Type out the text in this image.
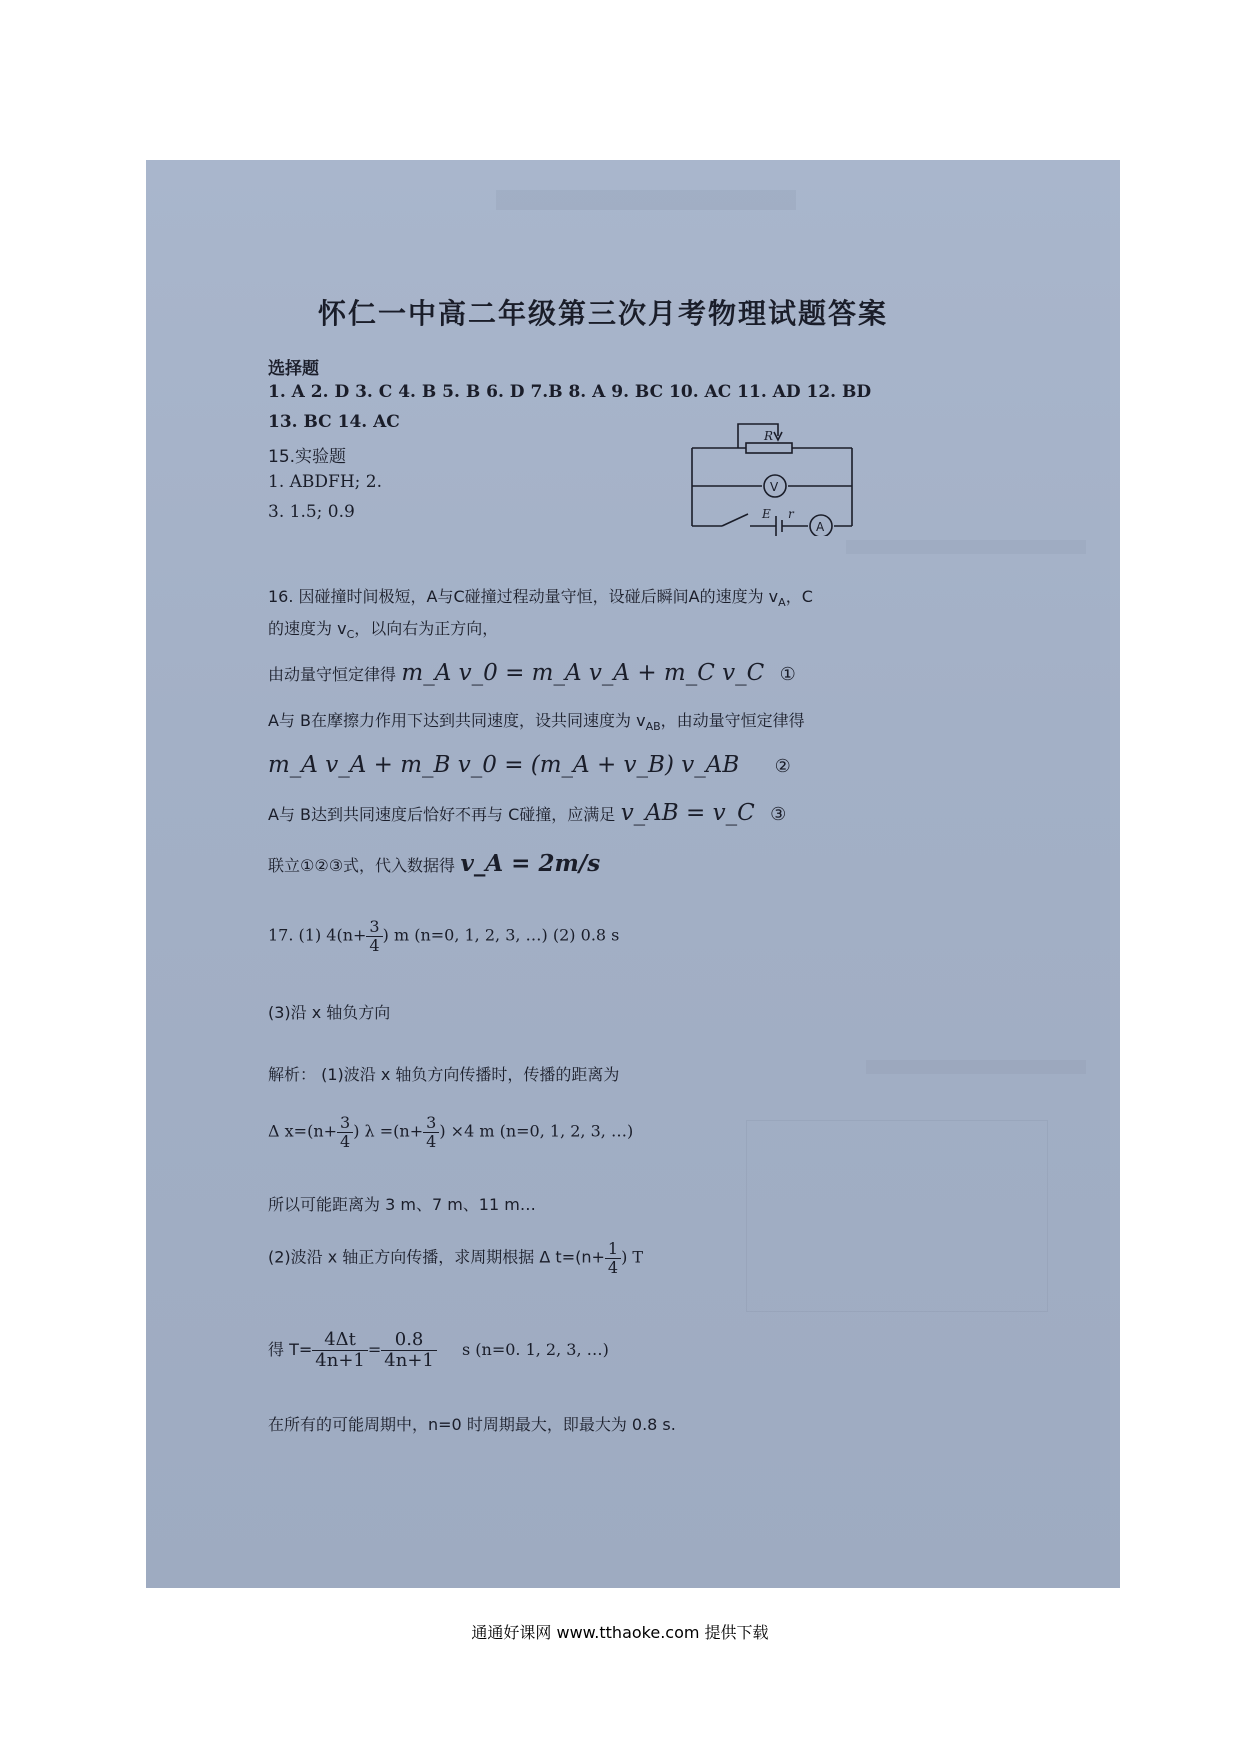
怀仁一中高二年级第三次月考物理试题答案
选择题
1. A 2. D 3. C 4. B 5. B 6. D 7.B 8. A 9. BC 10. AC 11. AD 12. BD
13. BC 14. AC
15.实验题
1. ABDFH; 2.
3. 1.5; 0.9
R
V
E r
A
16. 因碰撞时间极短，A与C碰撞过程动量守恒，设碰后瞬间A的速度为 $v_A$，C
的速度为 $v_C$，以向右为正方向，
由动量守恒定律得 m_A v_0 = m_A v_A + m_C v_C ①
A与 B在摩擦力作用下达到共同速度，设共同速度为 $v_{AB}$，由动量守恒定律得
m_A v_A + m_B v_0 = (m_A + v_B) v_AB ②
A与 B达到共同速度后恰好不再与 C碰撞，应满足 v_AB = v_C ③
联立①②③式，代入数据得 v_A = 2m/s
17. (1) $4(n+ \frac{3}{4}$ ) m (n=0, 1, 2, 3, …) (2) 0.8 s
(3)沿 x 轴负方向
解析： (1)波沿 x 轴负方向传播时，传播的距离为
Δ $x=(n+ \frac{3}{4}$ ) $\lambda =(n+ \frac{3}{4}$ ) ×4 m (n=0, 1, 2, 3, …)
所以可能距离为 3 m、7 m、11 m…
(2)波沿 x 轴正方向传播，求周期根据 Δ $t=(n+ \frac{1}{4}$ ) T
得 $T= \frac{4\Delta t}{4n+1} = \frac{0.8}{4n+1}$ s (n=0. 1, 2, 3, …)
在所有的可能周期中，n=0 时周期最大，即最大为 0.8 s.
通通好课网 www.tthaoke.com 提供下载
